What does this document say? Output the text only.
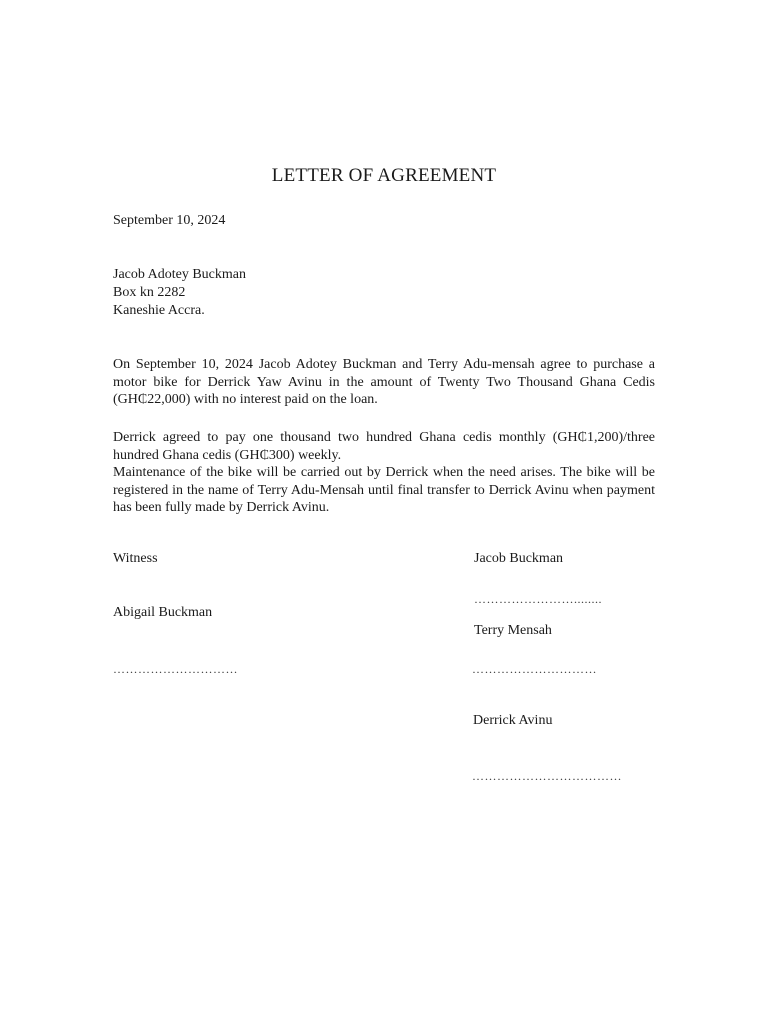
LETTER OF AGREEMENT
September 10, 2024
Jacob Adotey Buckman
Box kn 2282
Kaneshie Accra.
On September 10, 2024 Jacob Adotey Buckman and Terry Adu-mensah agree to purchase a motor bike for Derrick Yaw Avinu in the amount of Twenty Two Thousand Ghana Cedis (GH₵22,000) with no interest paid on the loan.

Derrick agreed to pay one thousand two hundred Ghana cedis monthly (GH₵1,200)/three hundred Ghana cedis (GH₵300) weekly.

Maintenance of the bike will be carried out by Derrick when the need arises. The bike will be registered in the name of Terry Adu-Mensah until final transfer to Derrick Avinu when payment has been fully made by Derrick Avinu.

Witness
Abigail Buckman
…………………………
Jacob Buckman
……………………........
Terry Mensah
…………………………
Derrick Avinu
………………………………
